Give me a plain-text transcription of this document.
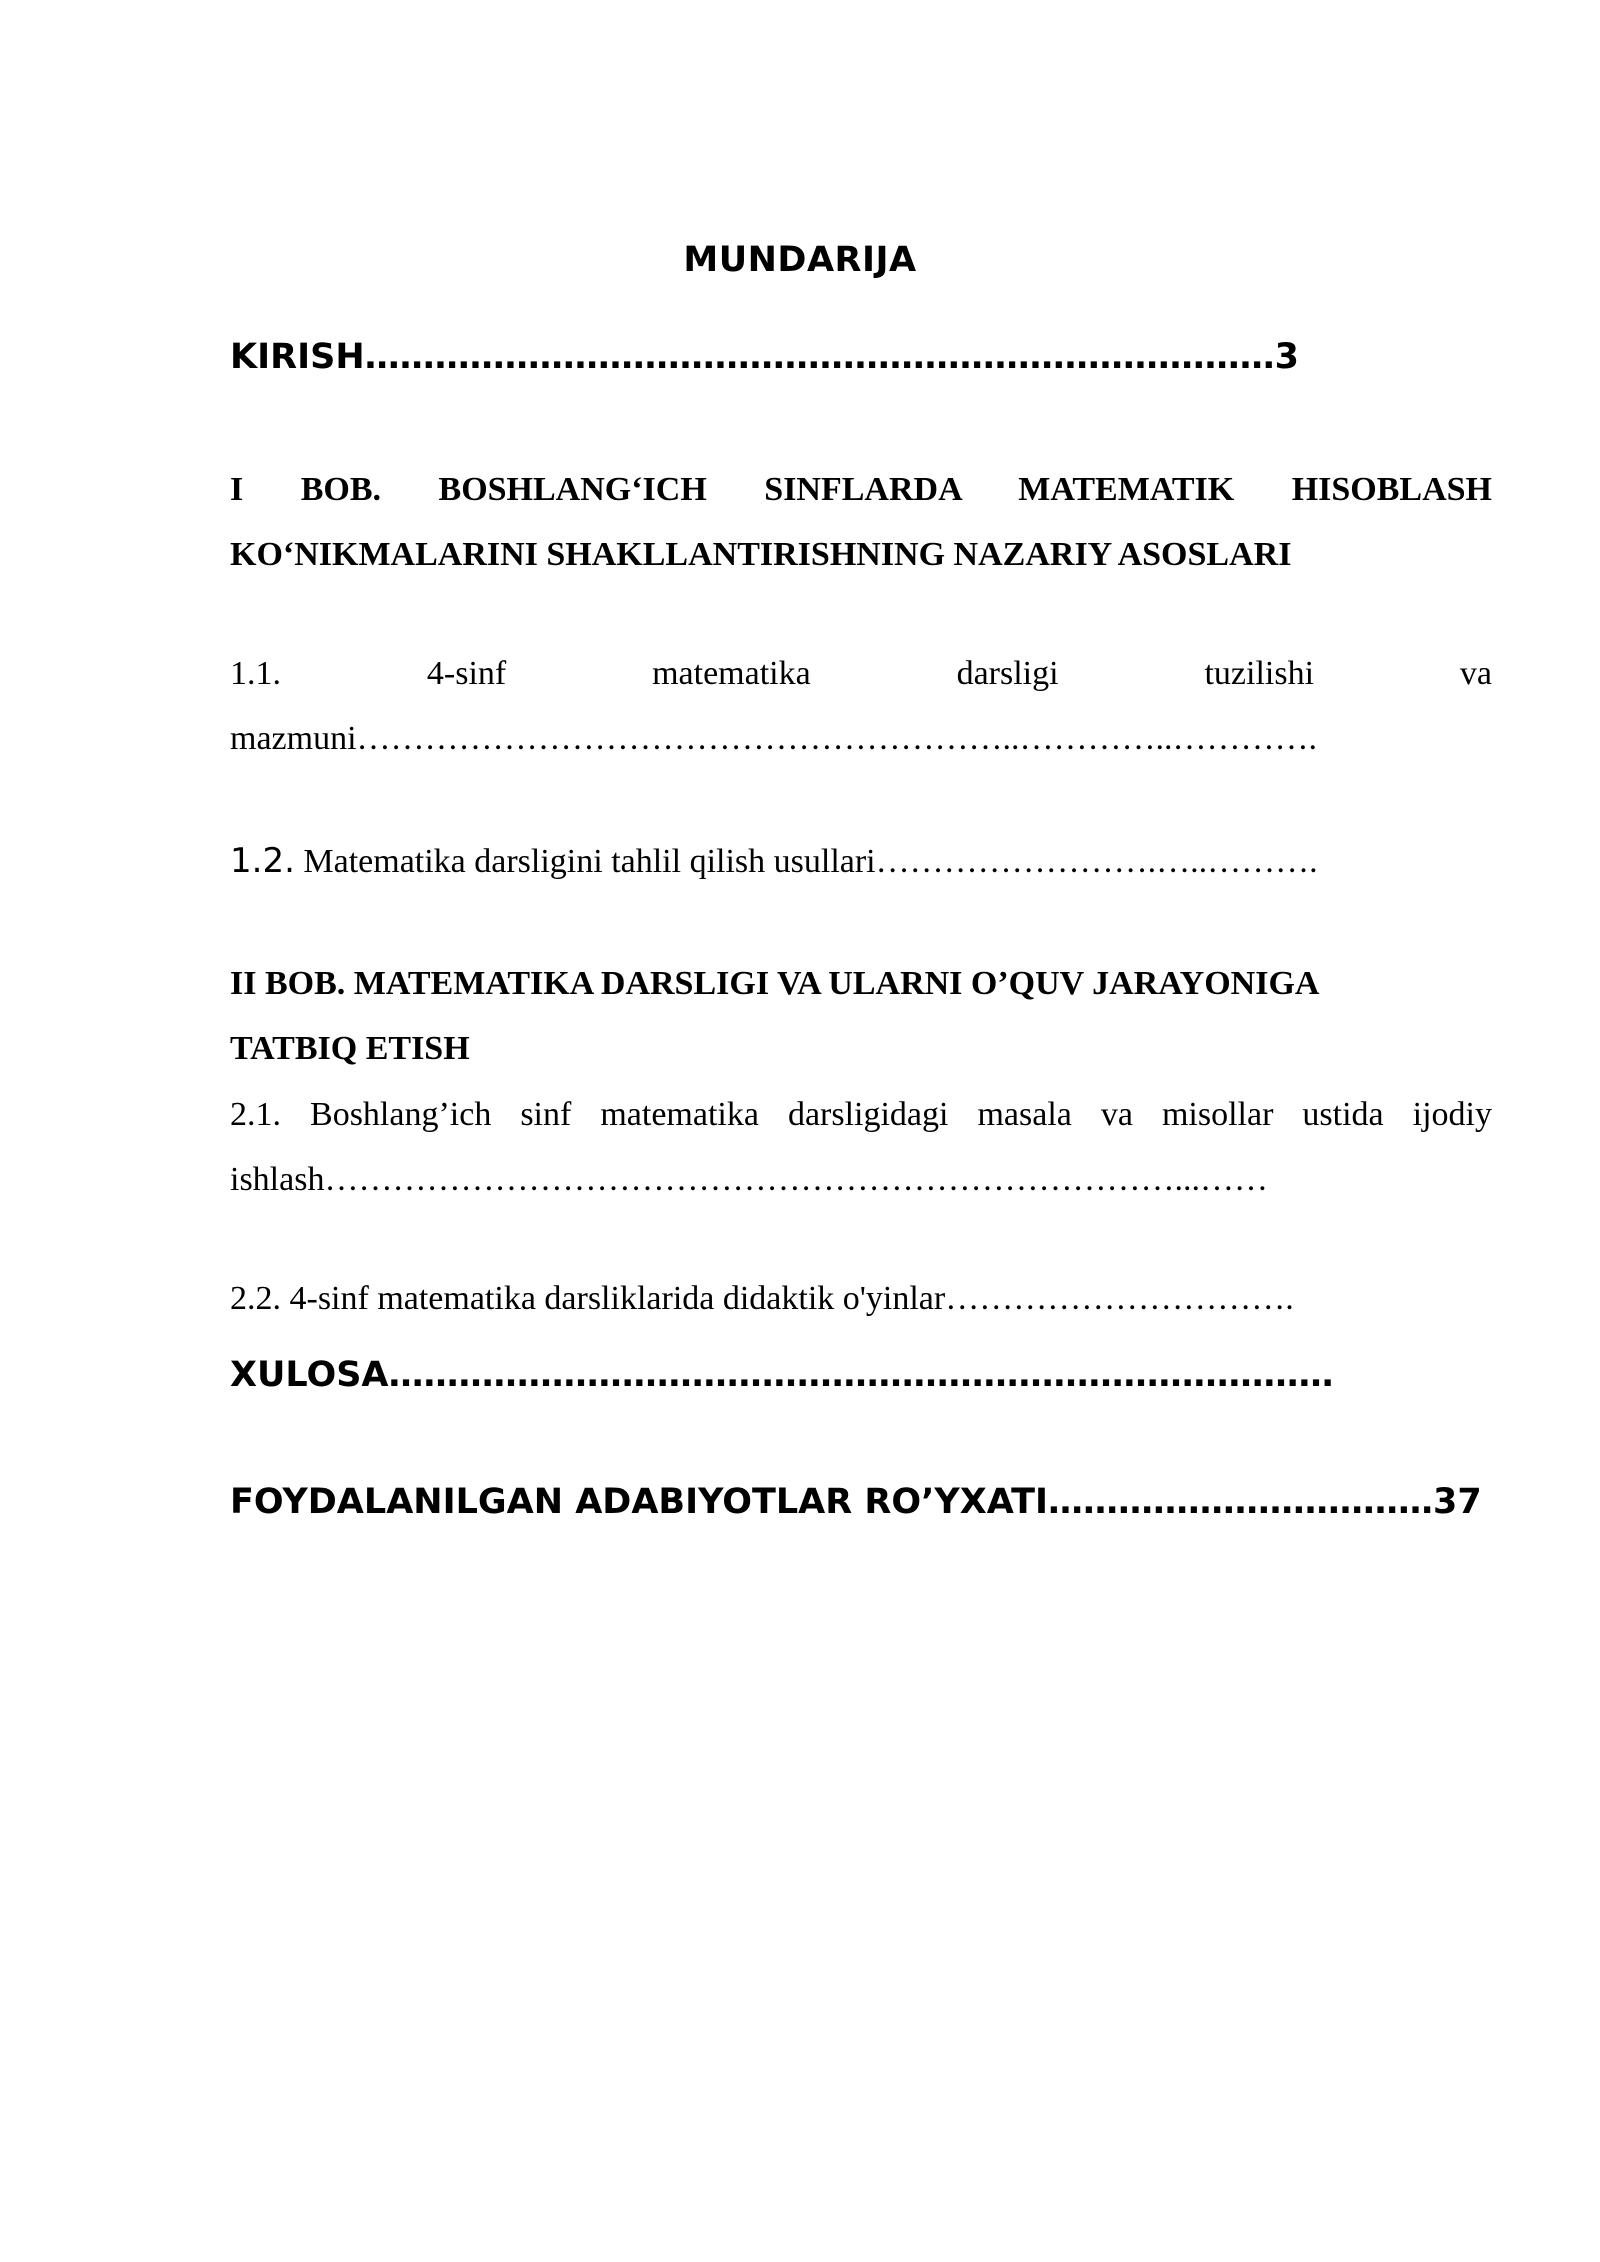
MUNDARIJA
KIRISH……………………………………………………………………3
I BOB. BOSHLANG‘ICH SINFLARDA MATEMATIK HISOBLASH
KO‘NIKMALARINI SHAKLLANTIRISHNING NAZARIY ASOSLARI
1.1. 4-sinf matematika darsligi tuzilishi va
mazmuni…………………………………………………..…………..………….
1.2. Matematika darsligini tahlil qilish usullari…………………….…..……….
II BOB. MATEMATIKA DARSLIGI VA ULARNI O’QUV JARAYONIGA
TATBIQ ETISH
2.1. Boshlang’ich sinf matematika darsligidagi masala va misollar ustida ijodiy
ishlash…………………………………………………………………...……
2.2. 4-sinf matematika darsliklarida didaktik o'yinlar………………………….
XULOSA………………………………………………………………………
FOYDALANILGAN ADABIYOTLAR RO’YXATI……………………………37
